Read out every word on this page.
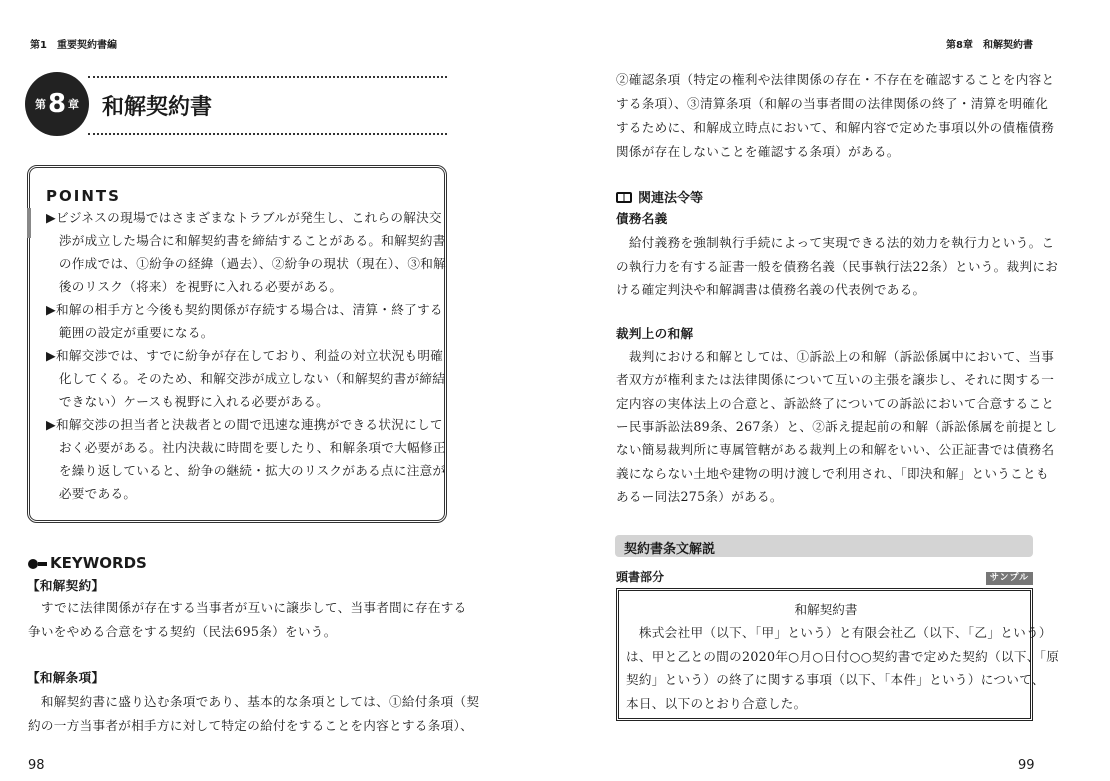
第1　重要契約書編
第 8 章 和解契約書
POINTS
KEYWORDS
98
第8章　和解契約書
関連法令等
契約書条文解説
頭書部分	サンプル
和解契約書
99
▶ビジネスの現場ではさまざまなトラブルが発生し、これらの解決交
　渉が成立した場合に和解契約書を締結することがある。和解契約書
　の作成では、①紛争の経緯（過去）、②紛争の現状（現在）、③和解
　後のリスク（将来）を視野に入れる必要がある。
▶和解の相手方と今後も契約関係が存続する場合は、清算・終了する
　範囲の設定が重要になる。
▶和解交渉では、すでに紛争が存在しており、利益の対立状況も明確
　化してくる。そのため、和解交渉が成立しない（和解契約書が締結
　できない）ケースも視野に入れる必要がある。
▶和解交渉の担当者と決裁者との間で迅速な連携ができる状況にして
　おく必要がある。社内決裁に時間を要したり、和解条項で大幅修正
　を繰り返していると、紛争の継続・拡大のリスクがある点に注意が
　必要である。
【和解契約】
　すでに法律関係が存在する当事者が互いに譲歩して、当事者間に存在する
争いをやめる合意をする契約（民法695条）をいう。
【和解条項】
　和解契約書に盛り込む条項であり、基本的な条項としては、①給付条項（契
約の一方当事者が相手方に対して特定の給付をすることを内容とする条項）、
②確認条項（特定の権利や法律関係の存在・不存在を確認することを内容と
する条項）、③清算条項（和解の当事者間の法律関係の終了・清算を明確化
するために、和解成立時点において、和解内容で定めた事項以外の債権債務
関係が存在しないことを確認する条項）がある。
債務名義
　給付義務を強制執行手続によって実現できる法的効力を執行力という。こ
の執行力を有する証書一般を債務名義（民事執行法22条）という。裁判にお
ける確定判決や和解調書は債務名義の代表例である。
裁判上の和解
　裁判における和解としては、①訴訟上の和解（訴訟係属中において、当事
者双方が権利または法律関係について互いの主張を譲歩し、それに関する一
定内容の実体法上の合意と、訴訟終了についての訴訟において合意すること
ー民事訴訟法89条、267条）と、②訴え提起前の和解（訴訟係属を前提とし
ない簡易裁判所に専属管轄がある裁判上の和解をいい、公正証書では債務名
義にならない土地や建物の明け渡しで利用され、「即決和解」ということも
あるー同法275条）がある。
　株式会社甲（以下、「甲」という）と有限会社乙（以下、「乙」という）
は、甲と乙との間の2020年○月○日付○○契約書で定めた契約（以下、「原
契約」という）の終了に関する事項（以下、「本件」という）について、
本日、以下のとおり合意した。
